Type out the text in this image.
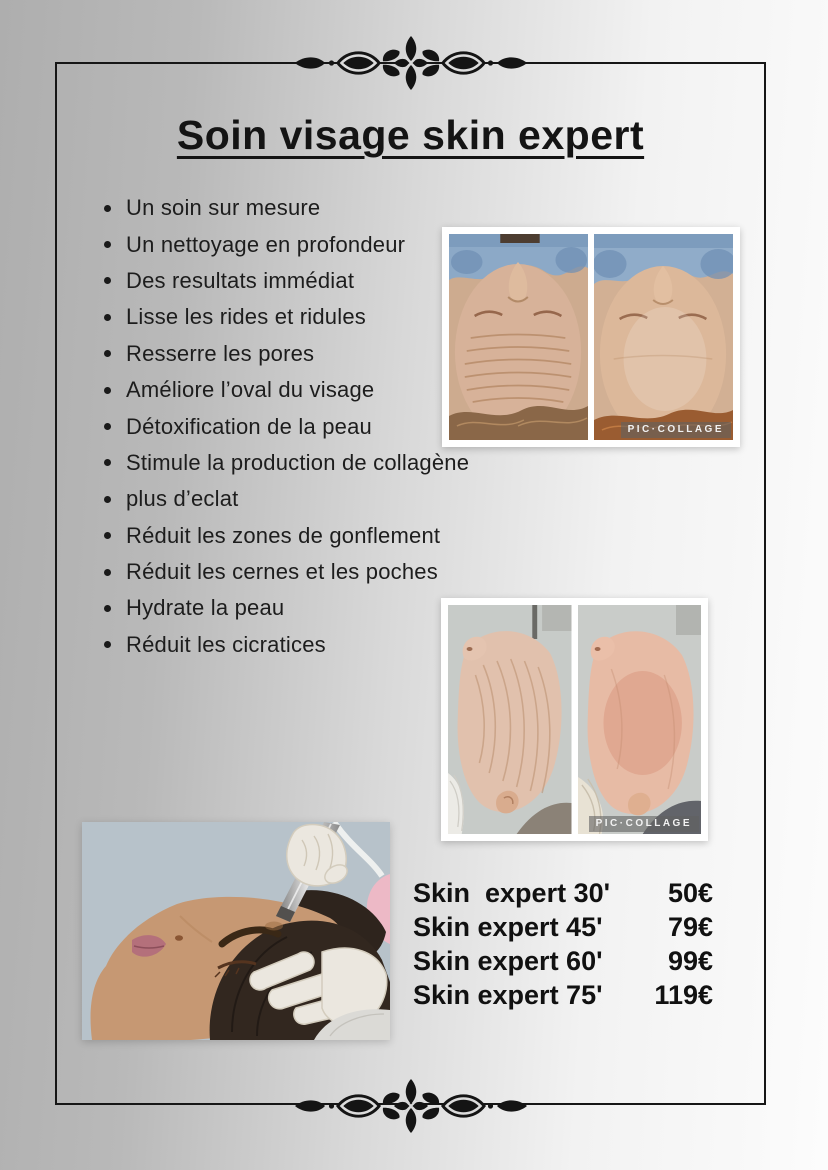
Soin visage skin expert
Un soin sur mesure
Un nettoyage en profondeur
Des resultats immédiat
Lisse les rides et ridules
Resserre les pores
Améliore l’oval du visage
Détoxification de la peau
Stimule la production de collagène
plus d’eclat
Réduit les zones de gonflement
Réduit les cernes et les poches
Hydrate la peau
Réduit les cicratices
PIC·COLLAGE
PIC·COLLAGE
Skin  expert 30' 50€
Skin expert 45' 79€
Skin expert 60' 99€
Skin expert 75' 119€
